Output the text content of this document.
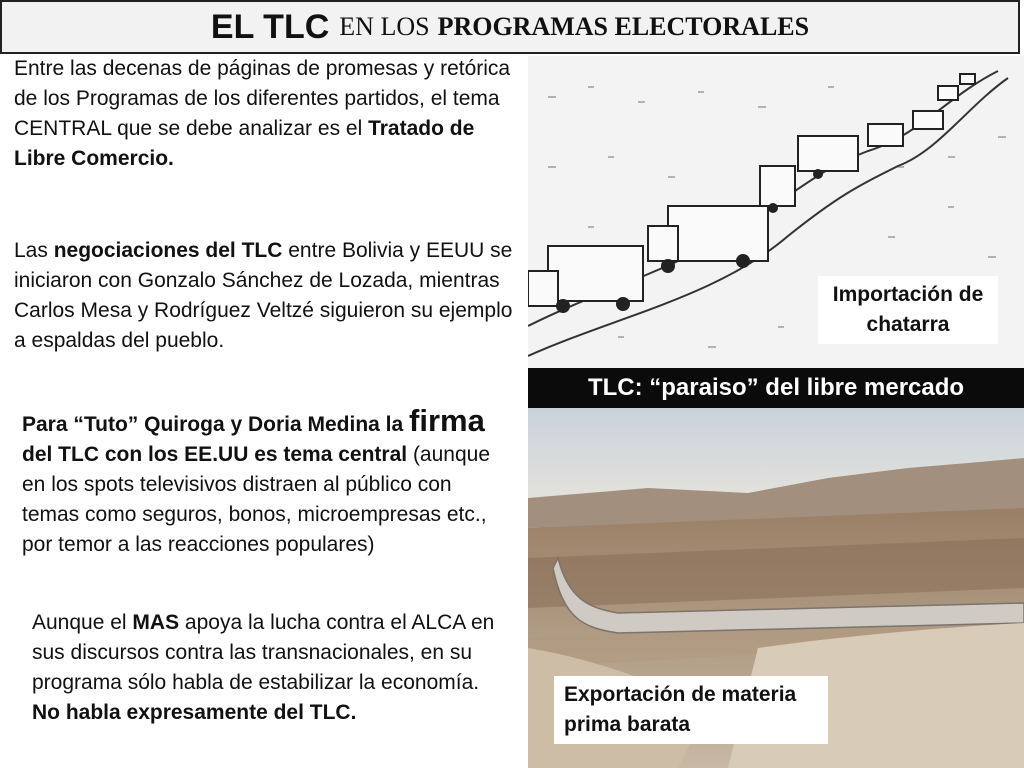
EL TLC EN LOS PROGRAMAS ELECTORALES
Entre las decenas de páginas de promesas y retórica de los Programas de los diferentes partidos, el tema CENTRAL que se debe analizar es el Tratado de Libre Comercio.
Las negociaciones del TLC entre Bolivia y EEUU se iniciaron con Gonzalo Sánchez de Lozada, mientras Carlos Mesa y Rodríguez Veltzé siguieron su ejemplo a espaldas del pueblo.
Para “Tuto” Quiroga y Doria Medina la firma del TLC con los EE.UU es tema central (aunque en los spots televisivos distraen al público con temas como seguros, bonos, microempresas etc., por temor a las reacciones populares)
Aunque el MAS apoya la lucha contra el ALCA en sus discursos contra las transnacionales, en su programa sólo habla de estabilizar la economía. No habla expresamente del TLC.
Importación de chatarra
TLC: “paraiso” del libre mercado
Exportación de materia prima barata
